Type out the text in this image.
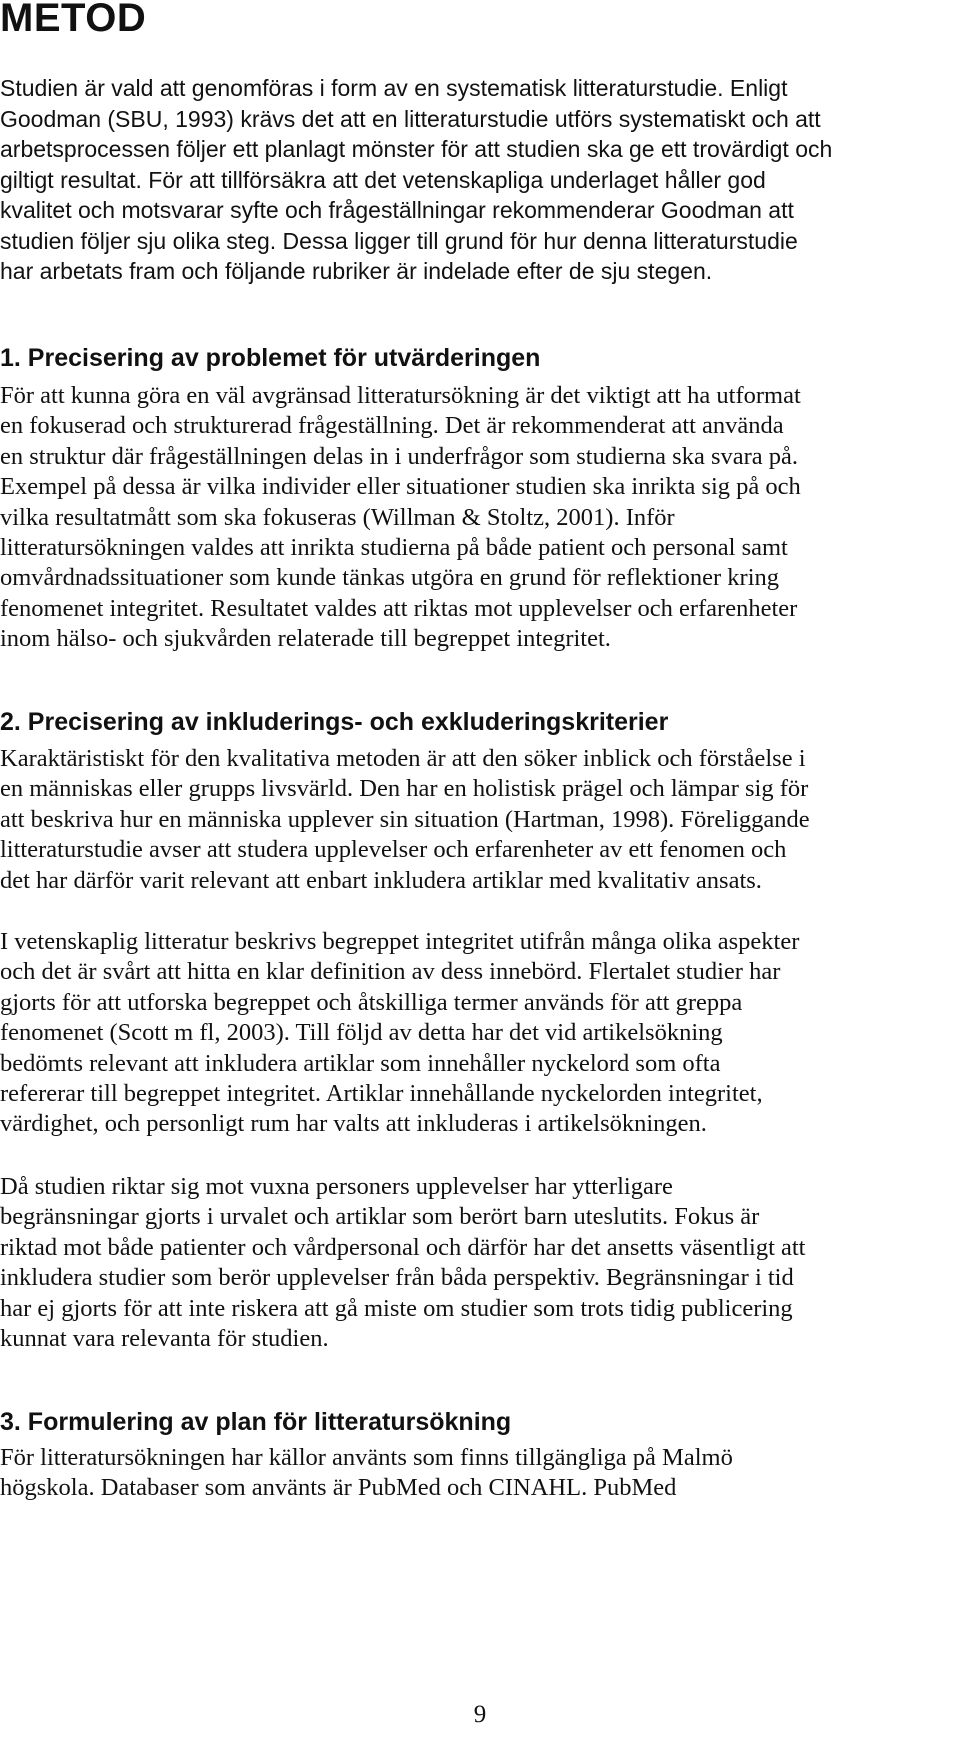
METOD

Studien är vald att genomföras i form av en systematisk litteraturstudie. Enligt
Goodman (SBU, 1993) krävs det att en litteraturstudie utförs systematiskt och att
arbetsprocessen följer ett planlagt mönster för att studien ska ge ett trovärdigt och
giltigt resultat. För att tillförsäkra att det vetenskapliga underlaget håller god
kvalitet och motsvarar syfte och frågeställningar rekommenderar Goodman att
studien följer sju olika steg. Dessa ligger till grund för hur denna litteraturstudie
har arbetats fram och följande rubriker är indelade efter de sju stegen.

1. Precisering av problemet för utvärderingen

För att kunna göra en väl avgränsad litteratursökning är det viktigt att ha utformat
en fokuserad och strukturerad frågeställning. Det är rekommenderat att använda
en struktur där frågeställningen delas in i underfrågor som studierna ska svara på.
Exempel på dessa är vilka individer eller situationer studien ska inrikta sig på och
vilka resultatmått som ska fokuseras (Willman & Stoltz, 2001). Inför
litteratursökningen valdes att inrikta studierna på både patient och personal samt
omvårdnadssituationer som kunde tänkas utgöra en grund för reflektioner kring
fenomenet integritet. Resultatet valdes att riktas mot upplevelser och erfarenheter
inom hälso- och sjukvården relaterade till begreppet integritet.

2. Precisering av inkluderings- och exkluderingskriterier

Karaktäristiskt för den kvalitativa metoden är att den söker inblick och förståelse i
en människas eller grupps livsvärld. Den har en holistisk prägel och lämpar sig för
att beskriva hur en människa upplever sin situation (Hartman, 1998). Föreliggande
litteraturstudie avser att studera upplevelser och erfarenheter av ett fenomen och
det har därför varit relevant att enbart inkludera artiklar med kvalitativ ansats.

I vetenskaplig litteratur beskrivs begreppet integritet utifrån många olika aspekter
och det är svårt att hitta en klar definition av dess innebörd. Flertalet studier har
gjorts för att utforska begreppet och åtskilliga termer används för att greppa
fenomenet (Scott m fl, 2003). Till följd av detta har det vid artikelsökning
bedömts relevant att inkludera artiklar som innehåller nyckelord som ofta
refererar till begreppet integritet. Artiklar innehållande nyckelorden integritet,
värdighet, och personligt rum har valts att inkluderas i artikelsökningen.

Då studien riktar sig mot vuxna personers upplevelser har ytterligare
begränsningar gjorts i urvalet och artiklar som berört barn uteslutits. Fokus är
riktad mot både patienter och vårdpersonal och därför har det ansetts väsentligt att
inkludera studier som berör upplevelser från båda perspektiv. Begränsningar i tid
har ej gjorts för att inte riskera att gå miste om studier som trots tidig publicering
kunnat vara relevanta för studien.

3. Formulering av plan för litteratursökning

För litteratursökningen har källor använts som finns tillgängliga på Malmö
högskola. Databaser som använts är PubMed och CINAHL. PubMed

9
